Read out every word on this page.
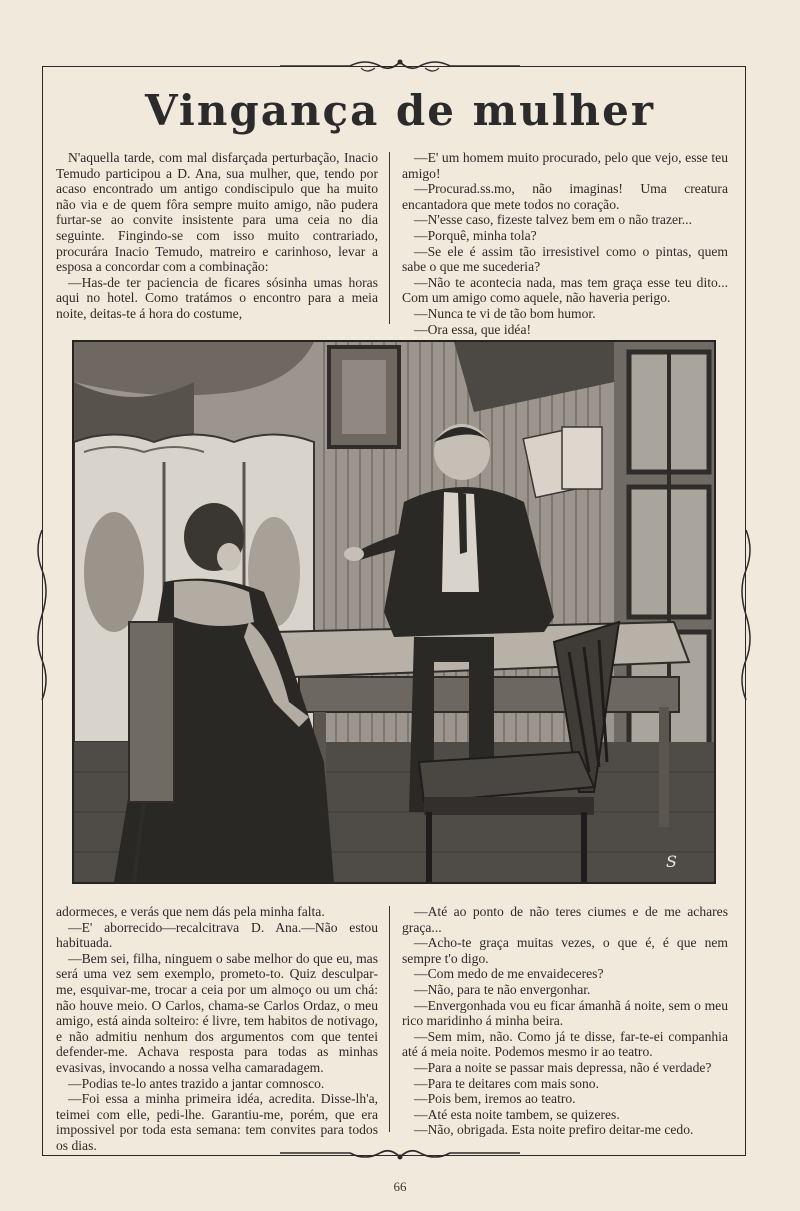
Vingança de mulher

N'aquella tarde, com mal disfarçada perturbação, Inacio Temudo participou a D. Ana, sua mulher, que, tendo por acaso encontrado um antigo condiscipulo que ha muito não via e de quem fôra sempre muito amigo, não pudera furtar-se ao convite insistente para uma ceia no dia seguinte. Fingindo-se com isso muito contrariado, procurára Inacio Temudo, matreiro e carinhoso, levar a esposa a concordar com a combinação:

—Has-de ter paciencia de ficares sósinha umas horas aqui no hotel. Como tratámos o encontro para a meia noite, deitas-te á hora do costume,

—E' um homem muito procurado, pelo que vejo, esse teu amigo!

—Procurad.ss.mo, não imaginas! Uma creatura encantadora que mete todos no coração.

—N'esse caso, fizeste talvez bem em o não trazer...

—Porquê, minha tola?

—Se ele é assim tão irresistivel como o pintas, quem sabe o que me sucederia?

—Não te acontecia nada, mas tem graça esse teu dito... Com um amigo como aquele, não haveria perigo.

—Nunca te vi de tão bom humor.

—Ora essa, que idéa!

S

adormeces, e verás que nem dás pela minha falta.

—E' aborrecido—recalcitrava D. Ana.—Não estou habituada.

—Bem sei, filha, ninguem o sabe melhor do que eu, mas será uma vez sem exemplo, prometo-to. Quiz desculpar-me, esquivar-me, trocar a ceia por um almoço ou um chá: não houve meio. O Carlos, chama-se Carlos Ordaz, o meu amigo, está ainda solteiro: é livre, tem habitos de notivago, e não admitiu nenhum dos argumentos com que tentei defender-me. Achava resposta para todas as minhas evasivas, invocando a nossa velha camaradagem.

—Podias te-lo antes trazido a jantar comnosco.

—Foi essa a minha primeira idéa, acredita. Disse-lh'a, teimei com elle, pedi-lhe. Garantiu-me, porém, que era impossivel por toda esta semana: tem convites para todos os dias.

—Até ao ponto de não teres ciumes e de me achares graça...

—Acho-te graça muitas vezes, o que é, é que nem sempre t'o digo.

—Com medo de me envaideceres?

—Não, para te não envergonhar.

—Envergonhada vou eu ficar ámanhã á noite, sem o meu rico maridinho á minha beira.

—Sem mim, não. Como já te disse, far-te-ei companhia até á meia noite. Podemos mesmo ir ao teatro.

—Para a noite se passar mais depressa, não é verdade?

—Para te deitares com mais sono.

—Pois bem, iremos ao teatro.

—Até esta noite tambem, se quizeres.

—Não, obrigada. Esta noite prefiro deitar-me cedo.

66
